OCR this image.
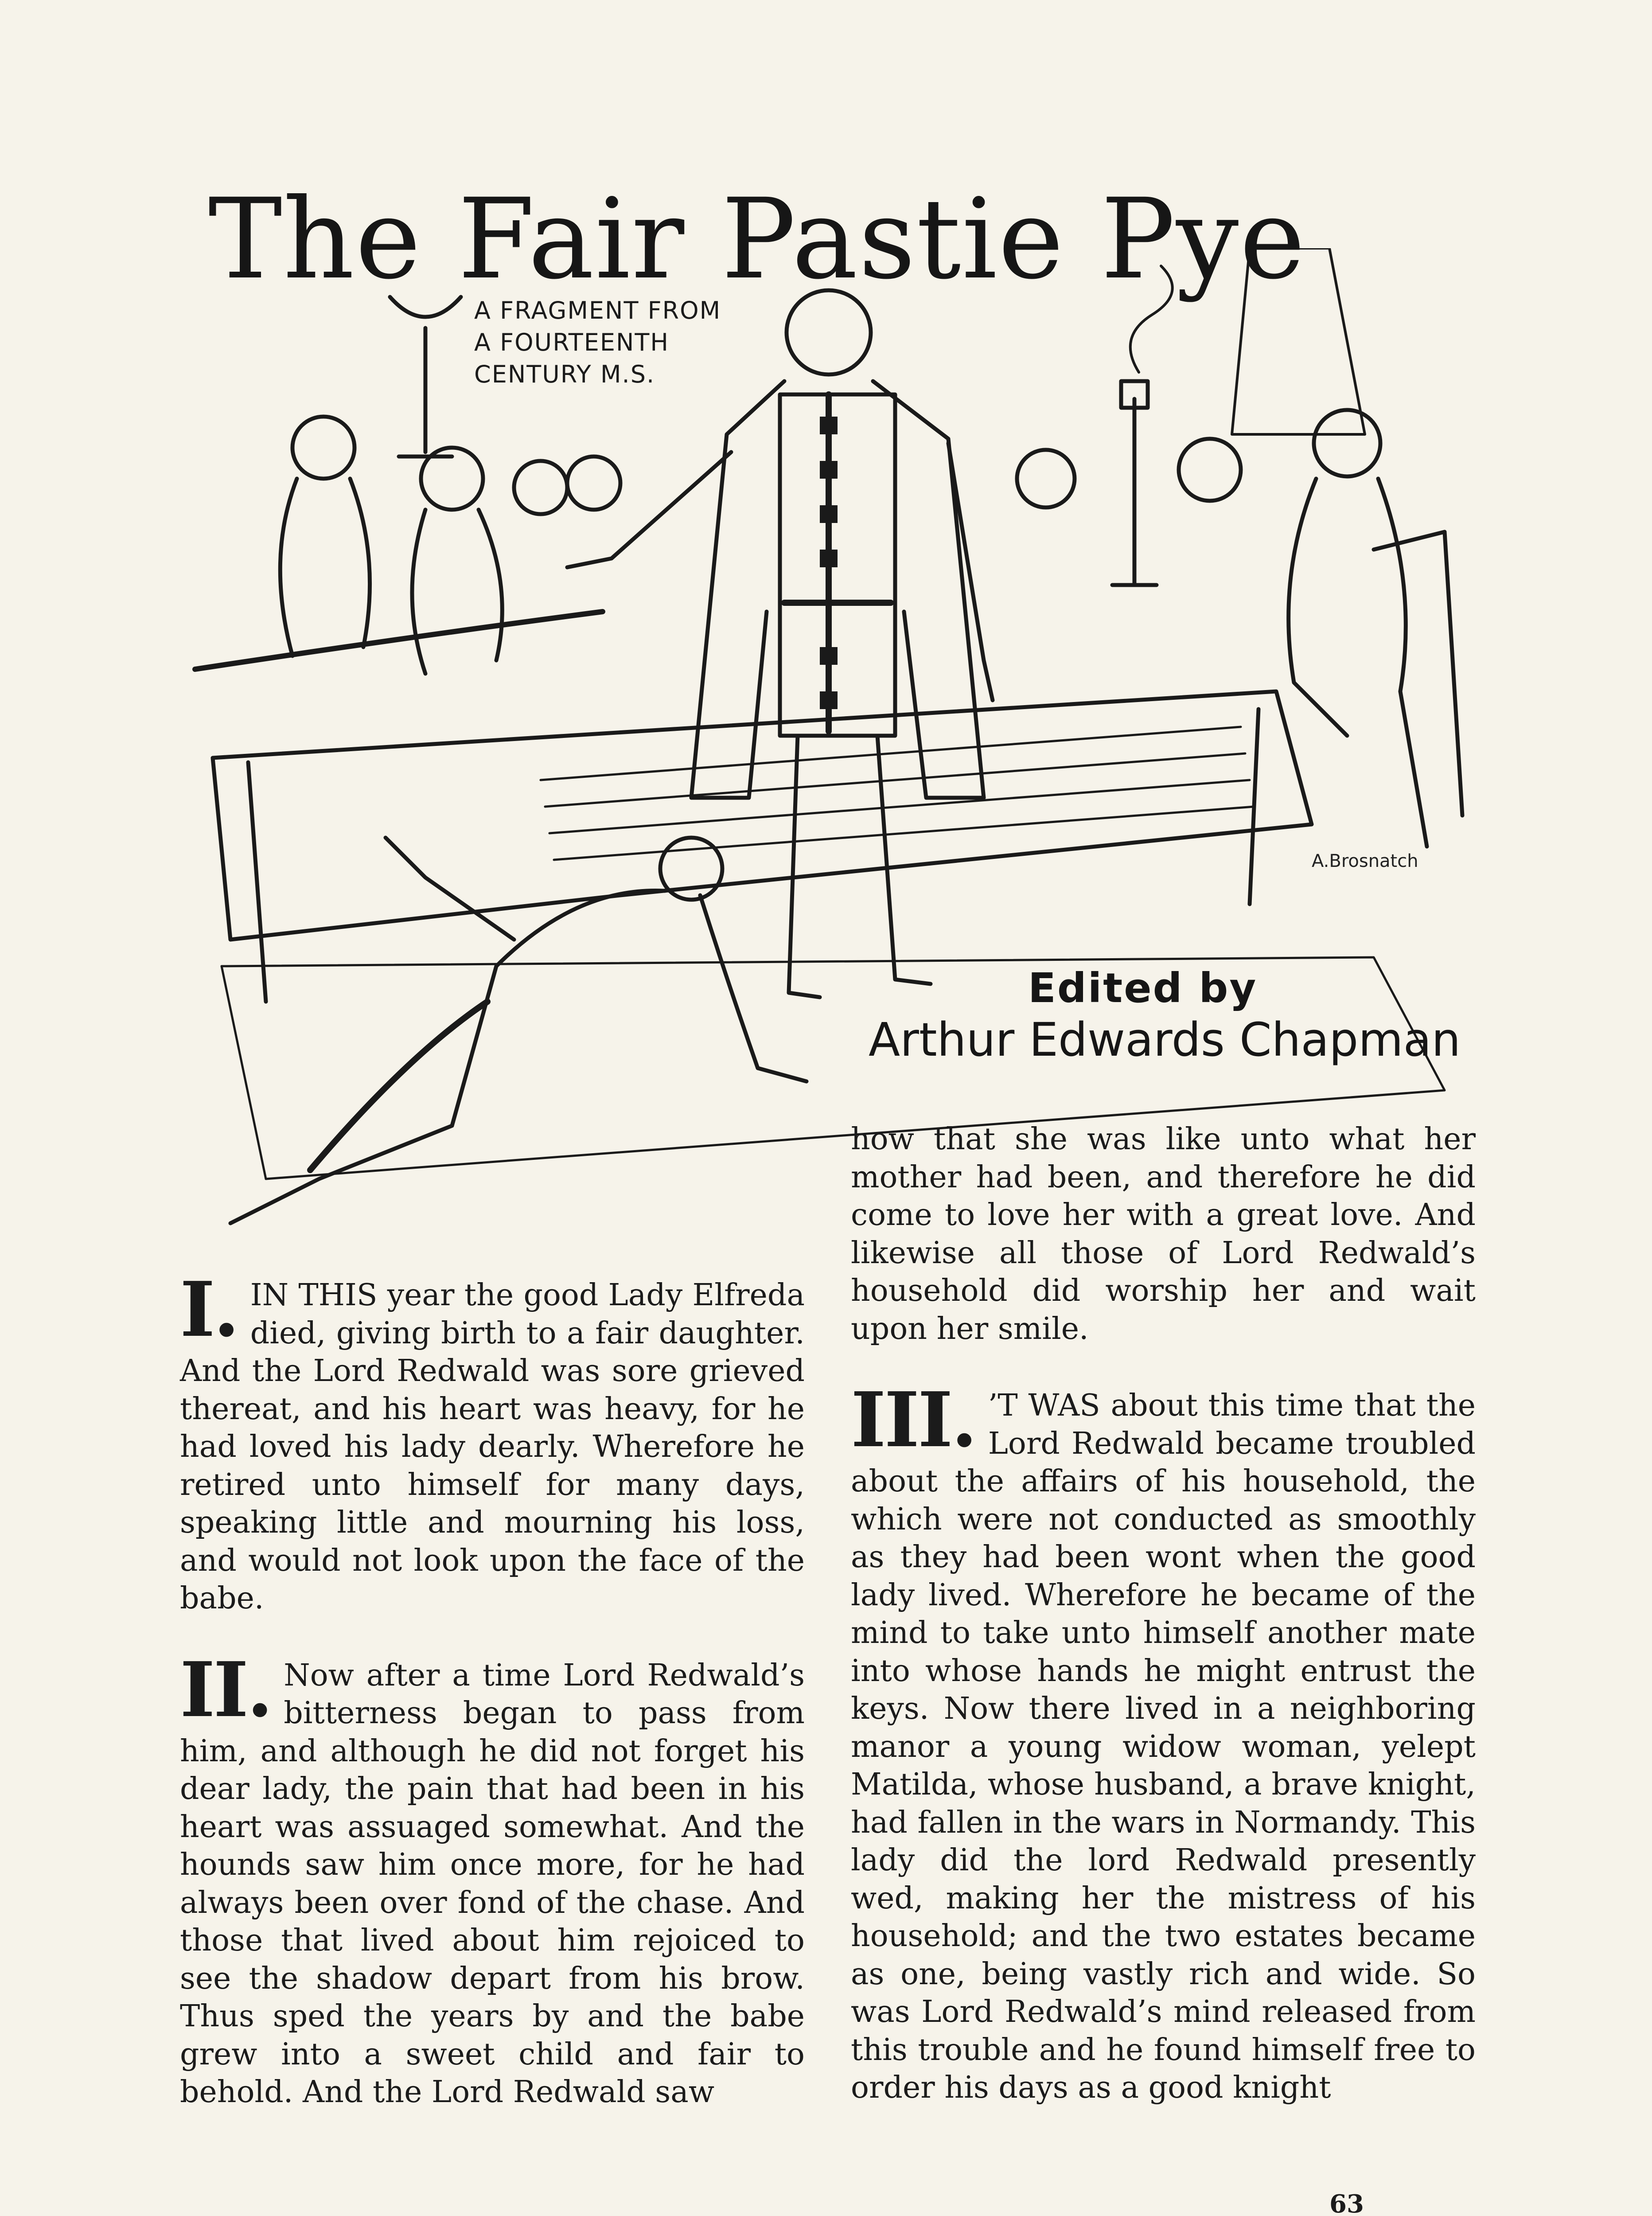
The Fair Pastie Pye
A FRAGMENT FROM
A FOURTEENTH
CENTURY M.S.
A.Brosnatch
Edited by
Arthur Edwards Chapman

I. IN THIS year the good Lady Elfreda died, giving birth to a fair daughter. And the Lord Redwald was sore grieved thereat, and his heart was heavy, for he had loved his lady dearly. Wherefore he retired unto himself for many days, speaking little and mourning his loss, and would not look upon the face of the babe.

II. Now after a time Lord Redwald’s bitterness began to pass from him, and although he did not forget his dear lady, the pain that had been in his heart was assuaged somewhat. And the hounds saw him once more, for he had always been over fond of the chase. And those that lived about him rejoiced to see the shadow depart from his brow. Thus sped the years by and the babe grew into a sweet child and fair to behold. And the Lord Redwald saw

how that she was like unto what her mother had been, and therefore he did come to love her with a great love. And likewise all those of Lord Redwald’s household did worship her and wait upon her smile.

III. ’T WAS about this time that the Lord Redwald became troubled about the affairs of his household, the which were not conducted as smoothly as they had been wont when the good lady lived. Wherefore he became of the mind to take unto himself another mate into whose hands he might entrust the keys. Now there lived in a neighboring manor a young widow woman, yelept Matilda, whose husband, a brave knight, had fallen in the wars in Normandy. This lady did the lord Redwald presently wed, making her the mistress of his household; and the two estates became as one, being vastly rich and wide. So was Lord Redwald’s mind released from this trouble and he found himself free to order his days as a good knight

63
